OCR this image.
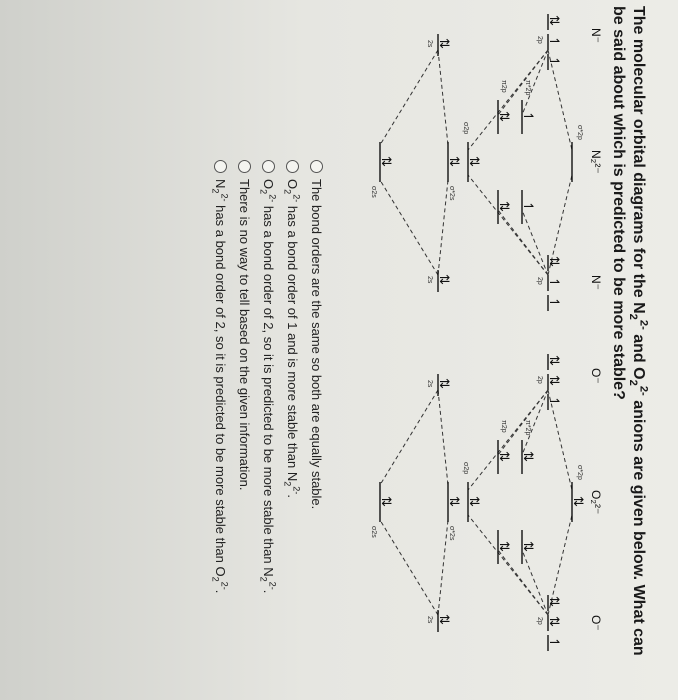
The molecular orbital diagrams for the $N_2^{2-}$ and $O_2^{2-}$ anions are given below. What can be said about which is predicted to be more stable?
N⁻
N₂²⁻
N⁻
⇅
↿
↿
⇅
↿
↿
↿
↿
⇅
⇅
⇅
⇅
⇅
⇅
⇅
σ*2p
π*2p
π2p
σ2p
σ*2s
σ2s
2p
2p
2s
2s
O⁻
O₂²⁻
O⁻
⇅
⇅
↿
⇅
⇅
↿
⇅
⇅
⇅
⇅
⇅
⇅
⇅
⇅
⇅
⇅
σ*2p
π*2p
π2p
σ2p
σ*2s
σ2s
2p
2p
2s
2s
The bond orders are the same so both are equally stable.
$O_2^{2-}$ has a bond order of 1 and is more stable than $N_2^{2-}$.
$O_2^{2-}$ has a bond order of 2, so it is predicted to be more stable than $N_2^{2-}$.
There is no way to tell based on the given information.
$N_2^{2-}$ has a bond order of 2, so it is predicted to be more stable than $O_2^{2-}$.
